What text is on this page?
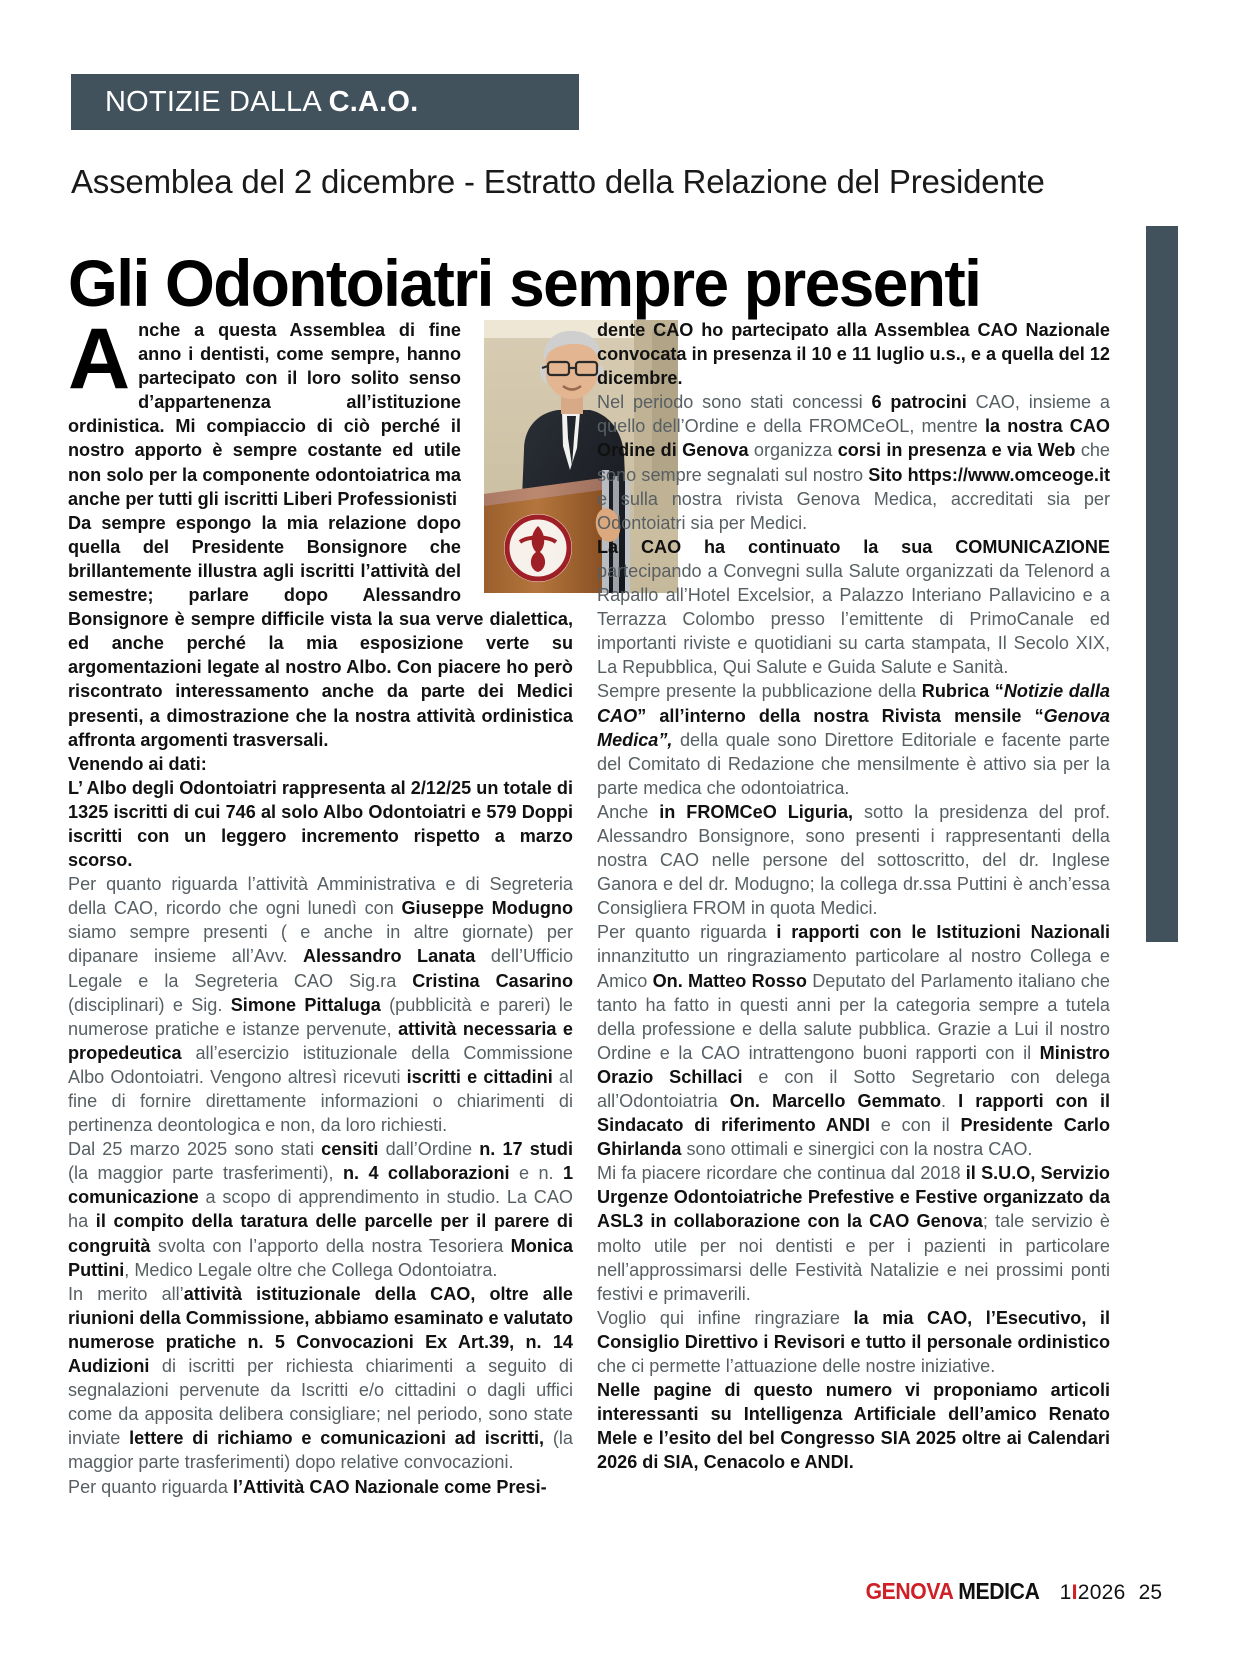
NOTIZIE DALLA C.A.O.
Assemblea del 2 dicembre - Estratto della Relazione del Presidente
Gli Odontoiatri sempre presenti

Anche a questa Assemblea di fine anno i dentisti, come sempre, hanno partecipato con il loro solito senso d’appartenenza all’istituzione ordinistica. Mi compiaccio di ciò perché il nostro apporto è sempre costante ed utile non solo per la componente odontoiatrica ma anche per tutti gli iscritti Liberi Professionisti

Da sempre espongo la mia relazione dopo quella del Presidente Bonsignore che brillantemente illustra agli iscritti l’attività del semestre; parlare dopo Alessandro Bonsignore è sempre difficile vista la sua verve dialettica, ed anche perché la mia esposizione verte su argomentazioni legate al nostro Albo. Con piacere ho però riscontrato interessamento anche da parte dei Medici presenti, a dimostrazione che la nostra attività ordinistica affronta argomenti trasversali.

Venendo ai dati:

L’ Albo degli Odontoiatri rappresenta al 2/12/25 un totale di 1325 iscritti di cui 746 al solo Albo Odontoiatri e 579 Doppi iscritti con un leggero incremento rispetto a marzo scorso.

Per quanto riguarda l’attività Amministrativa e di Segreteria della CAO, ricordo che ogni lunedì con Giuseppe Modugno siamo sempre presenti ( e anche in altre giornate) per dipanare insieme all’Avv. Alessandro Lanata dell’Ufficio Legale e la Segreteria CAO Sig.ra Cristina Casarino (disciplinari) e Sig. Simone Pittaluga (pubblicità e pareri) le numerose pratiche e istanze pervenute, attività necessaria e propedeutica all’esercizio istituzionale della Commissione Albo Odontoiatri. Vengono altresì ricevuti iscritti e cittadini al fine di fornire direttamente informazioni o chiarimenti di pertinenza deontologica e non, da loro richiesti.

Dal 25 marzo 2025 sono stati censiti dall’Ordine n. 17 studi (la maggior parte trasferimenti), n. 4 collaborazioni e n. 1 comunicazione a scopo di apprendimento in studio. La CAO ha il compito della taratura delle parcelle per il parere di congruità svolta con l’apporto della nostra Tesoriera Monica Puttini, Medico Legale oltre che Collega Odontoiatra.

In merito all’attività istituzionale della CAO, oltre alle riunioni della Commissione, abbiamo esaminato e valutato numerose pratiche n. 5 Convocazioni Ex Art.39, n. 14 Audizioni di iscritti per richiesta chiarimenti a seguito di segnalazioni pervenute da Iscritti e/o cittadini o dagli uffici come da apposita delibera consigliare; nel periodo, sono state inviate lettere di richiamo e comunicazioni ad iscritti, (la maggior parte trasferimenti) dopo relative convocazioni.

Per quanto riguarda l’Attività CAO Nazionale come Presi-

dente CAO ho partecipato alla Assemblea CAO Nazionale convocata in presenza il 10 e 11 luglio u.s., e a quella del 12 dicembre.

Nel periodo sono stati concessi 6 patrocini CAO, insieme a quello dell’Ordine e della FROMCeOL, mentre la nostra CAO Ordine di Genova organizza corsi in presenza e via Web che sono sempre segnalati sul nostro Sito https://www.omceoge.it e sulla nostra rivista Genova Medica, accreditati sia per Odontoiatri sia per Medici.

La CAO ha continuato la sua COMUNICAZIONE partecipando a Convegni sulla Salute organizzati da Telenord a Rapallo all’Hotel Excelsior, a Palazzo Interiano Pallavicino e a Terrazza Colombo presso l’emittente di PrimoCanale ed importanti riviste e quotidiani su carta stampata, Il Secolo XIX, La Repubblica, Qui Salute e Guida Salute e Sanità.

Sempre presente la pubblicazione della Rubrica “Notizie dalla CAO” all’interno della nostra Rivista mensile “Genova Medica”, della quale sono Direttore Editoriale e facente parte del Comitato di Redazione che mensilmente è attivo sia per la parte medica che odontoiatrica.

Anche in FROMCeO Liguria, sotto la presidenza del prof. Alessandro Bonsignore, sono presenti i rappresentanti della nostra CAO nelle persone del sottoscritto, del dr. Inglese Ganora e del dr. Modugno; la collega dr.ssa Puttini è anch’essa Consigliera FROM in quota Medici.

Per quanto riguarda i rapporti con le Istituzioni Nazionali innanzitutto un ringraziamento particolare al nostro Collega e Amico On. Matteo Rosso Deputato del Parlamento italiano che tanto ha fatto in questi anni per la categoria sempre a tutela della professione e della salute pubblica. Grazie a Lui il nostro Ordine e la CAO intrattengono buoni rapporti con il Ministro Orazio Schillaci e con il Sotto Segretario con delega all’Odontoiatria On. Marcello Gemmato. I rapporti con il Sindacato di riferimento ANDI e con il Presidente Carlo Ghirlanda sono ottimali e sinergici con la nostra CAO.

Mi fa piacere ricordare che continua dal 2018 il S.U.O, Servizio Urgenze Odontoiatriche Prefestive e Festive organizzato da ASL3 in collaborazione con la CAO Genova; tale servizio è molto utile per noi dentisti e per i pazienti in particolare nell’approssimarsi delle Festività Natalizie e nei prossimi ponti festivi e primaverili.

Voglio qui infine ringraziare la mia CAO, l’Esecutivo, il Consiglio Direttivo i Revisori e tutto il personale ordinistico che ci permette l’attuazione delle nostre iniziative.

Nelle pagine di questo numero vi proponiamo articoli interessanti su Intelligenza Artificiale dell’amico Renato Mele e l’esito del bel Congresso SIA 2025 oltre ai Calendari 2026 di SIA, Cenacolo e ANDI.

GENOVA MEDICA 1I2026 25
